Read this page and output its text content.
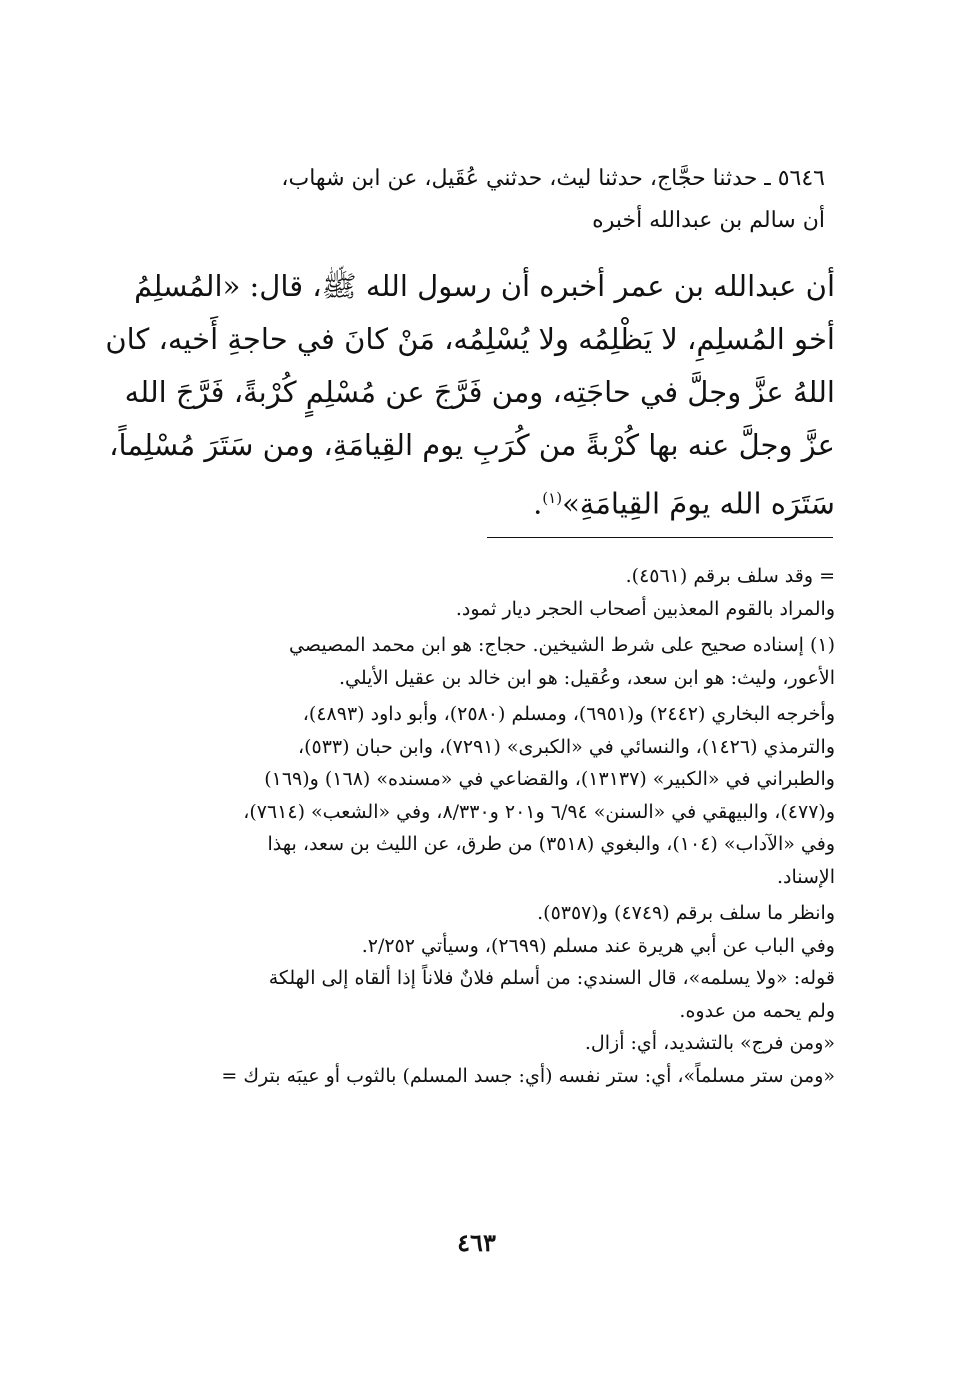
٥٦٤٦ ـ حدثنا حجَّاج، حدثنا ليث، حدثني عُقَيل، عن ابن شهاب،

أن سالم بن عبدالله أخبره

أن عبدالله بن عمر أخبره أن رسول الله ﷺ، قال: «المُسلِمُ

أخو المُسلِمِ، لا يَظْلِمُه ولا يُسْلِمُه، مَنْ كانَ في حاجةِ أَخيه، كان

اللهُ عزَّ وجلَّ في حاجَتِه، ومن فَرَّجَ عن مُسْلِمٍ كُرْبةً، فَرَّجَ الله

عزَّ وجلَّ عنه بها كُرْبةً من كُرَبِ يوم القِيامَةِ، ومن سَتَرَ مُسْلِماً،

سَتَرَه الله يومَ القِيامَةِ»$^{(١)}$.

= وقد سلف برقم (٤٥٦١).

والمراد بالقوم المعذبين أصحاب الحجر ديار ثمود.

(١) إسناده صحيح على شرط الشيخين. حجاج: هو ابن محمد المصيصي

الأعور، وليث: هو ابن سعد، وعُقيل: هو ابن خالد بن عقيل الأيلي.

وأخرجه البخاري (٢٤٤٢) و(٦٩٥١)، ومسلم (٢٥٨٠)، وأبو داود (٤٨٩٣)،

والترمذي (١٤٢٦)، والنسائي في «الكبرى» (٧٢٩١)، وابن حبان (٥٣٣)،

والطبراني في «الكبير» (١٣١٣٧)، والقضاعي في «مسنده» (١٦٨) و(١٦٩)

و(٤٧٧)، والبيهقي في «السنن» ٦/٩٤ و٢٠١ و٨/٣٣٠، وفي «الشعب» (٧٦١٤)،

وفي «الآداب» (١٠٤)، والبغوي (٣٥١٨) من طرق، عن الليث بن سعد، بهذا

الإسناد.

وانظر ما سلف برقم (٤٧٤٩) و(٥٣٥٧).

وفي الباب عن أبي هريرة عند مسلم (٢٦٩٩)، وسيأتي ٢/٢٥٢.

قوله: «ولا يسلمه»، قال السندي: من أسلم فلانٌ فلاناً إذا ألقاه إلى الهلكة

ولم يحمه من عدوه.

«ومن فرج» بالتشديد، أي: أزال.

«ومن ستر مسلماً»، أي: ستر نفسه (أي: جسد المسلم) بالثوب أو عيبَه بترك =

٤٦٣
